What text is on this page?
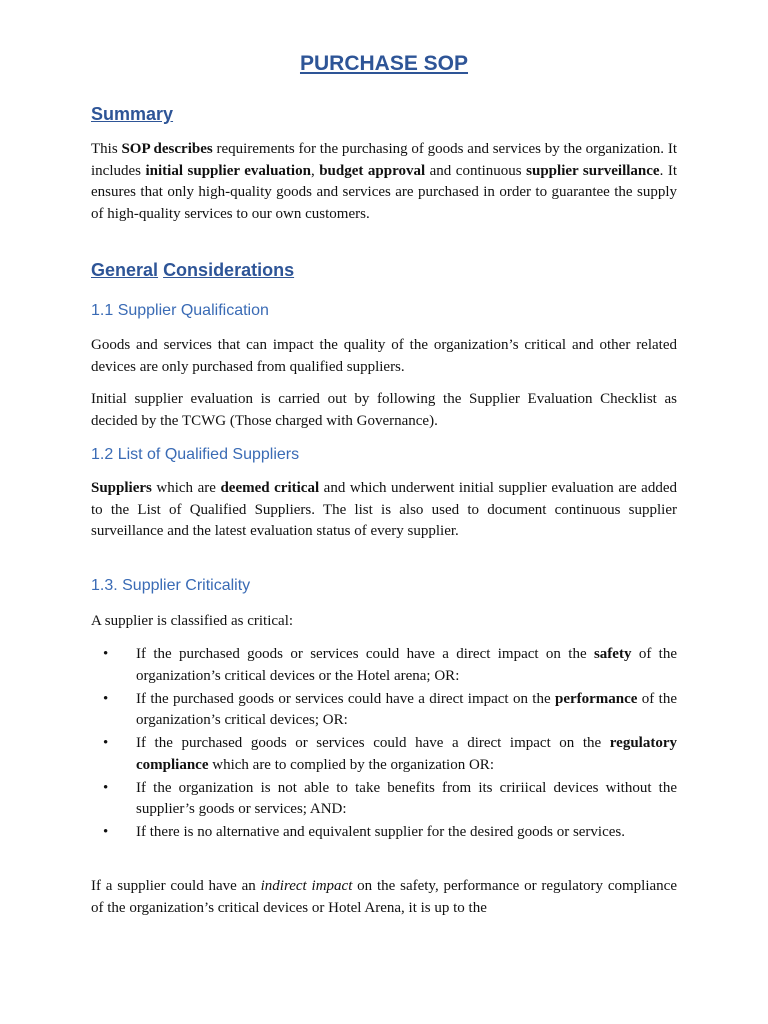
PURCHASE SOP
Summary

This SOP describes requirements for the purchasing of goods and services by the organization. It includes initial supplier evaluation, budget approval and continuous supplier surveillance. It ensures that only high-quality goods and services are purchased in order to guarantee the supply of high-quality services to our own customers.

General Considerations
1.1 Supplier Qualification

Goods and services that can impact the quality of the organization’s critical and other related devices are only purchased from qualified suppliers.

Initial supplier evaluation is carried out by following the Supplier Evaluation Checklist as decided by the TCWG (Those charged with Governance).

1.2 List of Qualified Suppliers

Suppliers which are deemed critical and which underwent initial supplier evaluation are added to the List of Qualified Suppliers. The list is also used to document continuous supplier surveillance and the latest evaluation status of every supplier.

1.3. Supplier Criticality

A supplier is classified as critical:

• If the purchased goods or services could have a direct impact on the safety of the organization’s critical devices or the Hotel arena; OR:
• If the purchased goods or services could have a direct impact on the performance of the organization’s critical devices; OR:
• If the purchased goods or services could have a direct impact on the regulatory compliance which are to complied by the organization OR:
• If the organization is not able to take benefits from its cririical devices without the supplier’s goods or services; AND:
• If there is no alternative and equivalent supplier for the desired goods or services.

If a supplier could have an indirect impact on the safety, performance or regulatory compliance of the organization’s critical devices or Hotel Arena, it is up to the
